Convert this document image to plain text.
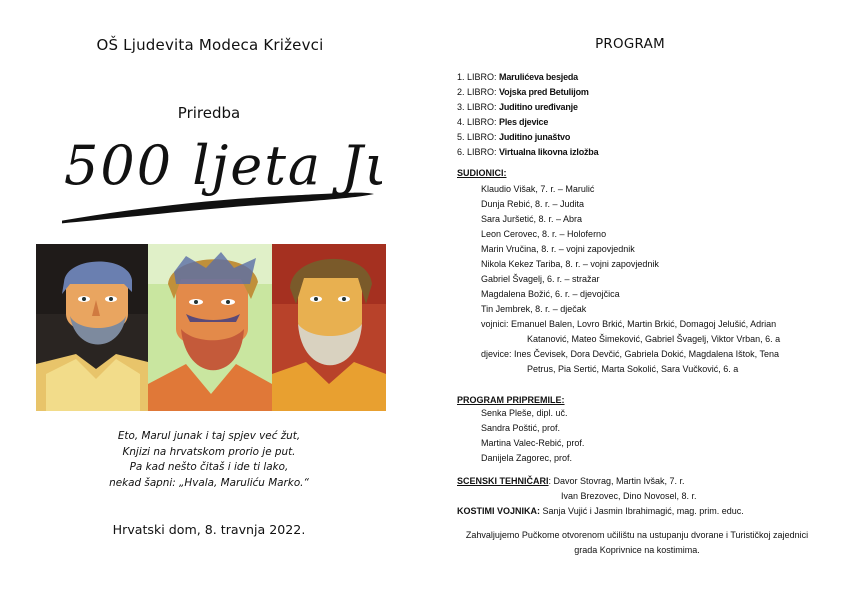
OŠ Ljudevita Modeca Križevci
Priredba
500 ljeta J
Eto, Marul junak i taj spjev već žut,
Knjizi na hrvatskom prorio je put.
Pa kad nešto čitaš i ide ti lako,
nekad šapni: „Hvala, Maruliću Marko.“
Hrvatski dom, 8. travnja 2022.
PROGRAM
1. LIBRO: Marulićeva besjeda
2. LIBRO: Vojska pred Betulijom
3. LIBRO: Juditino uređivanje
4. LIBRO: Ples djevice
5. LIBRO: Juditino junaštvo
6. LIBRO: Virtualna likovna izložba
SUDIONICI:
Klaudio Višak, 7. r. – Marulić
Dunja Rebić, 8. r. – Judita
Sara Juršetić, 8. r. – Abra
Leon Cerovec, 8. r. – Holoferno
Marin Vručina, 8. r. – vojni zapovjednik
Nikola Kekez Tariba, 8. r. – vojni zapovjednik
Gabriel Švagelj, 6. r. – stražar
Magdalena Božić, 6. r. – djevojčica
Tin Jembrek, 8. r. – dječak
vojnici: Emanuel Balen, Lovro Brkić, Martin Brkić, Domagoj Jelušić, Adrian Katanović, Mateo Šimeković, Gabriel Švagelj, Viktor Vrban, 6. a
djevice: Ines Čevisek, Dora Devčić, Gabriela Dokić, Magdalena Ištok, Tena Petrus, Pia Sertić, Marta Sokolić, Sara Vučković, 6. a
PROGRAM PRIPREMILE:
Senka Pleše, dipl. uč.
Sandra Poštić, prof.
Martina Valec-Rebić, prof.
Danijela Zagorec, prof.
SCENSKI TEHNIČARI: Davor Stovrag, Martin Ivšak, 7. r.
Ivan Brezovec, Dino Novosel, 8. r.
KOSTIMI VOJNIKA: Sanja Vujić i Jasmin Ibrahimagić, mag. prim. educ.
Zahvaljujemo Pučkome otvorenom učilištu na ustupanju dvorane i Turističkoj zajednici grada Koprivnice na kostimima.
